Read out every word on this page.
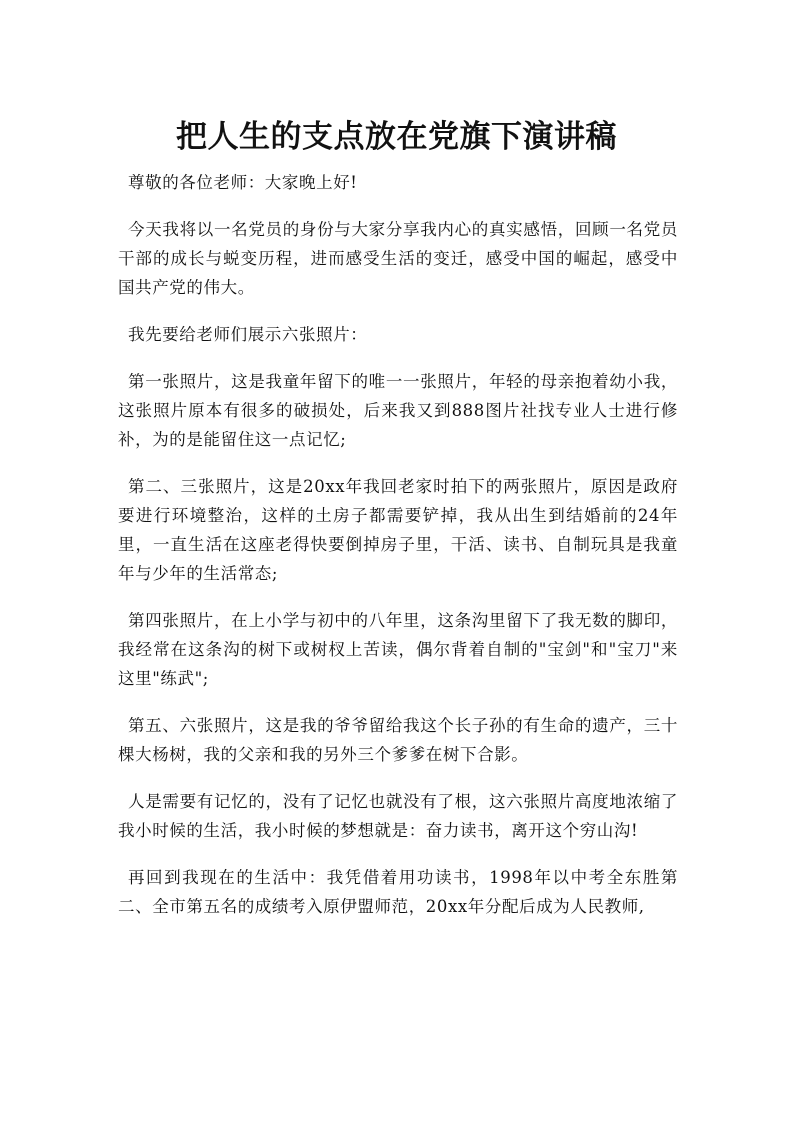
把人生的支点放在党旗下演讲稿

尊敬的各位老师：大家晚上好!

今天我将以一名党员的身份与大家分享我内心的真实感悟，回顾一名党员干部的成长与蜕变历程，进而感受生活的变迁，感受中国的崛起，感受中国共产党的伟大。

我先要给老师们展示六张照片：

第一张照片，这是我童年留下的唯一一张照片，年轻的母亲抱着幼小我，这张照片原本有很多的破损处，后来我又到888图片社找专业人士进行修补，为的是能留住这一点记忆;

第二、三张照片，这是20xx年我回老家时拍下的两张照片，原因是政府要进行环境整治，这样的土房子都需要铲掉，我从出生到结婚前的24年里，一直生活在这座老得快要倒掉房子里，干活、读书、自制玩具是我童年与少年的生活常态;

第四张照片，在上小学与初中的八年里，这条沟里留下了我无数的脚印，我经常在这条沟的树下或树杈上苦读，偶尔背着自制的"宝剑"和"宝刀"来这里"练武";

第五、六张照片，这是我的爷爷留给我这个长子孙的有生命的遗产，三十棵大杨树，我的父亲和我的另外三个爹爹在树下合影。

人是需要有记忆的，没有了记忆也就没有了根，这六张照片高度地浓缩了我小时候的生活，我小时候的梦想就是：奋力读书，离开这个穷山沟!

再回到我现在的生活中：我凭借着用功读书，1998年以中考全东胜第二、全市第五名的成绩考入原伊盟师范，20xx年分配后成为人民教师,
